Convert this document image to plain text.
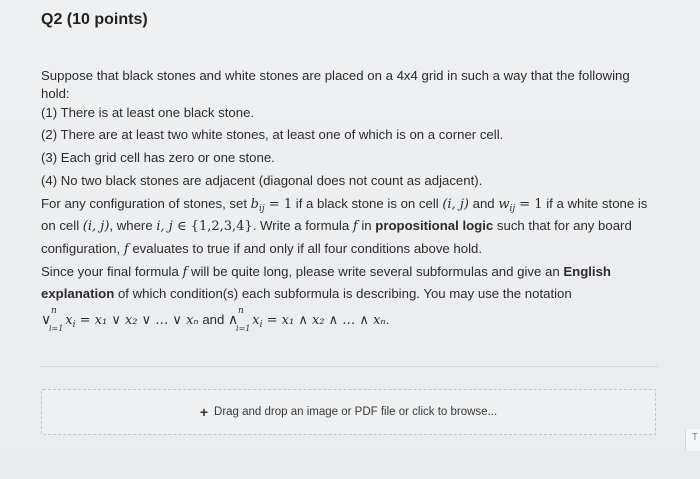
Q2 (10 points)
Suppose that black stones and white stones are placed on a 4x4 grid in such a way that the following
hold:
(1) There is at least one black stone.
(2) There are at least two white stones, at least one of which is on a corner cell.
(3) Each grid cell has zero or one stone.
(4) No two black stones are adjacent (diagonal does not count as adjacent).
For any configuration of stones, set $b_{ij} = 1$ if a black stone is on cell (i, j) and $w_{ij} = 1$ if a white stone is
on cell (i, j), where i, j ∈ {1,2,3,4}. Write a formula f in propositional logic such that for any board
configuration, f evaluates to true if and only if all four conditions above hold.
Since your final formula f will be quite long, please write several subformulas and give an English
explanation of which condition(s) each subformula is describing. You may use the notation
∨
n
i=1
$x_i = x_1$ ∨ x₂ ∨ … ∨ xₙ and ∧
n
i=1
$x_i = x_1$ ∧ x₂ ∧ … ∧ xₙ.
+ Drag and drop an image or PDF file or click to browse...
T
